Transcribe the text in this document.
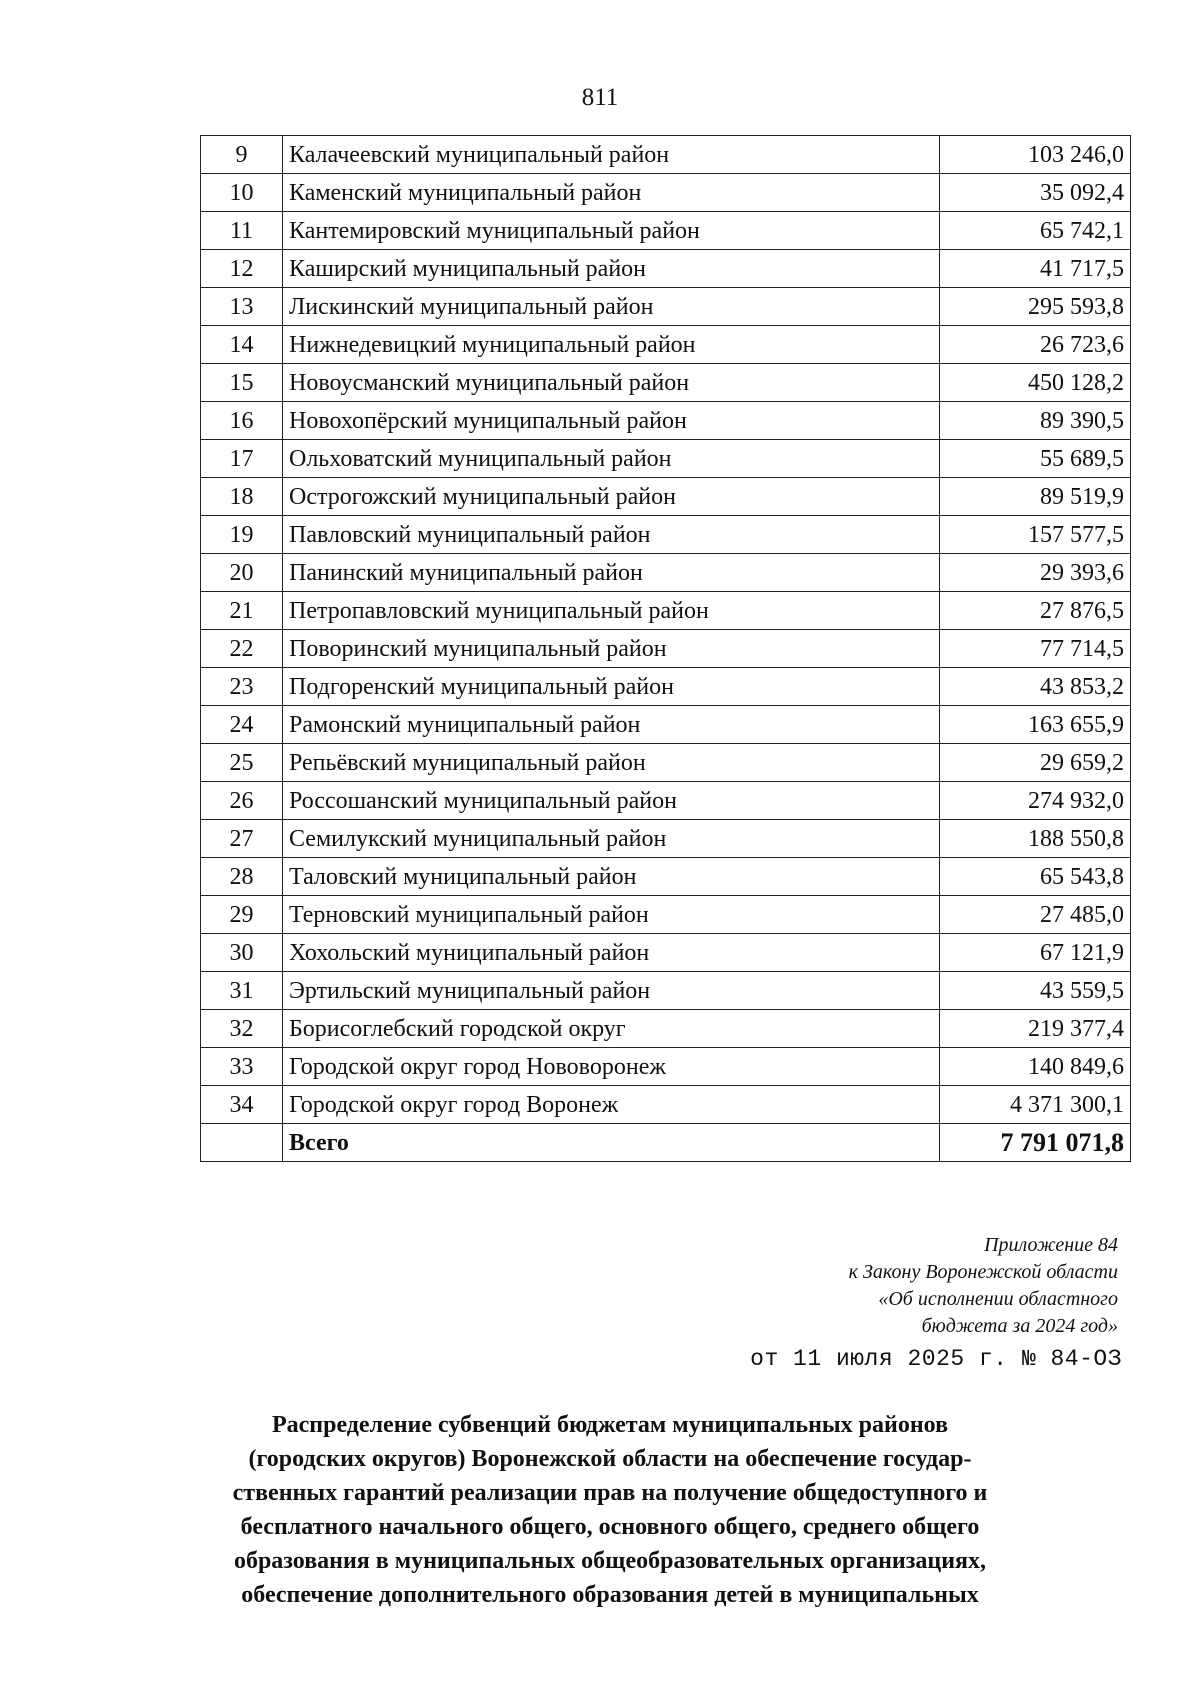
811
9	Калачеевский муниципальный район	103 246,0
10	Каменский муниципальный район	35 092,4
11	Кантемировский муниципальный район	65 742,1
12	Каширский муниципальный район	41 717,5
13	Лискинский муниципальный район	295 593,8
14	Нижнедевицкий муниципальный район	26 723,6
15	Новоусманский муниципальный район	450 128,2
16	Новохопёрский муниципальный район	89 390,5
17	Ольховатский муниципальный район	55 689,5
18	Острогожский муниципальный район	89 519,9
19	Павловский муниципальный район	157 577,5
20	Панинский муниципальный район	29 393,6
21	Петропавловский муниципальный район	27 876,5
22	Поворинский муниципальный район	77 714,5
23	Подгоренский муниципальный район	43 853,2
24	Рамонский муниципальный район	163 655,9
25	Репьёвский муниципальный район	29 659,2
26	Россошанский муниципальный район	274 932,0
27	Семилукский муниципальный район	188 550,8
28	Таловский муниципальный район	65 543,8
29	Терновский муниципальный район	27 485,0
30	Хохольский муниципальный район	67 121,9
31	Эртильский муниципальный район	43 559,5
32	Борисоглебский городской округ	219 377,4
33	Городской округ город Нововоронеж	140 849,6
34	Городской округ город Воронеж	4 371 300,1
	Всего	7 791 071,8
Приложение 84
к Закону Воронежской области
«Об исполнении областного
бюджета за 2024 год»
от 11 июля 2025 г. № 84-ОЗ
Распределение субвенций бюджетам муниципальных районов
(городских округов) Воронежской области на обеспечение государ-
ственных гарантий реализации прав на получение общедоступного и
бесплатного начального общего, основного общего, среднего общего
образования в муниципальных общеобразовательных организациях,
обеспечение дополнительного образования детей в муниципальных
